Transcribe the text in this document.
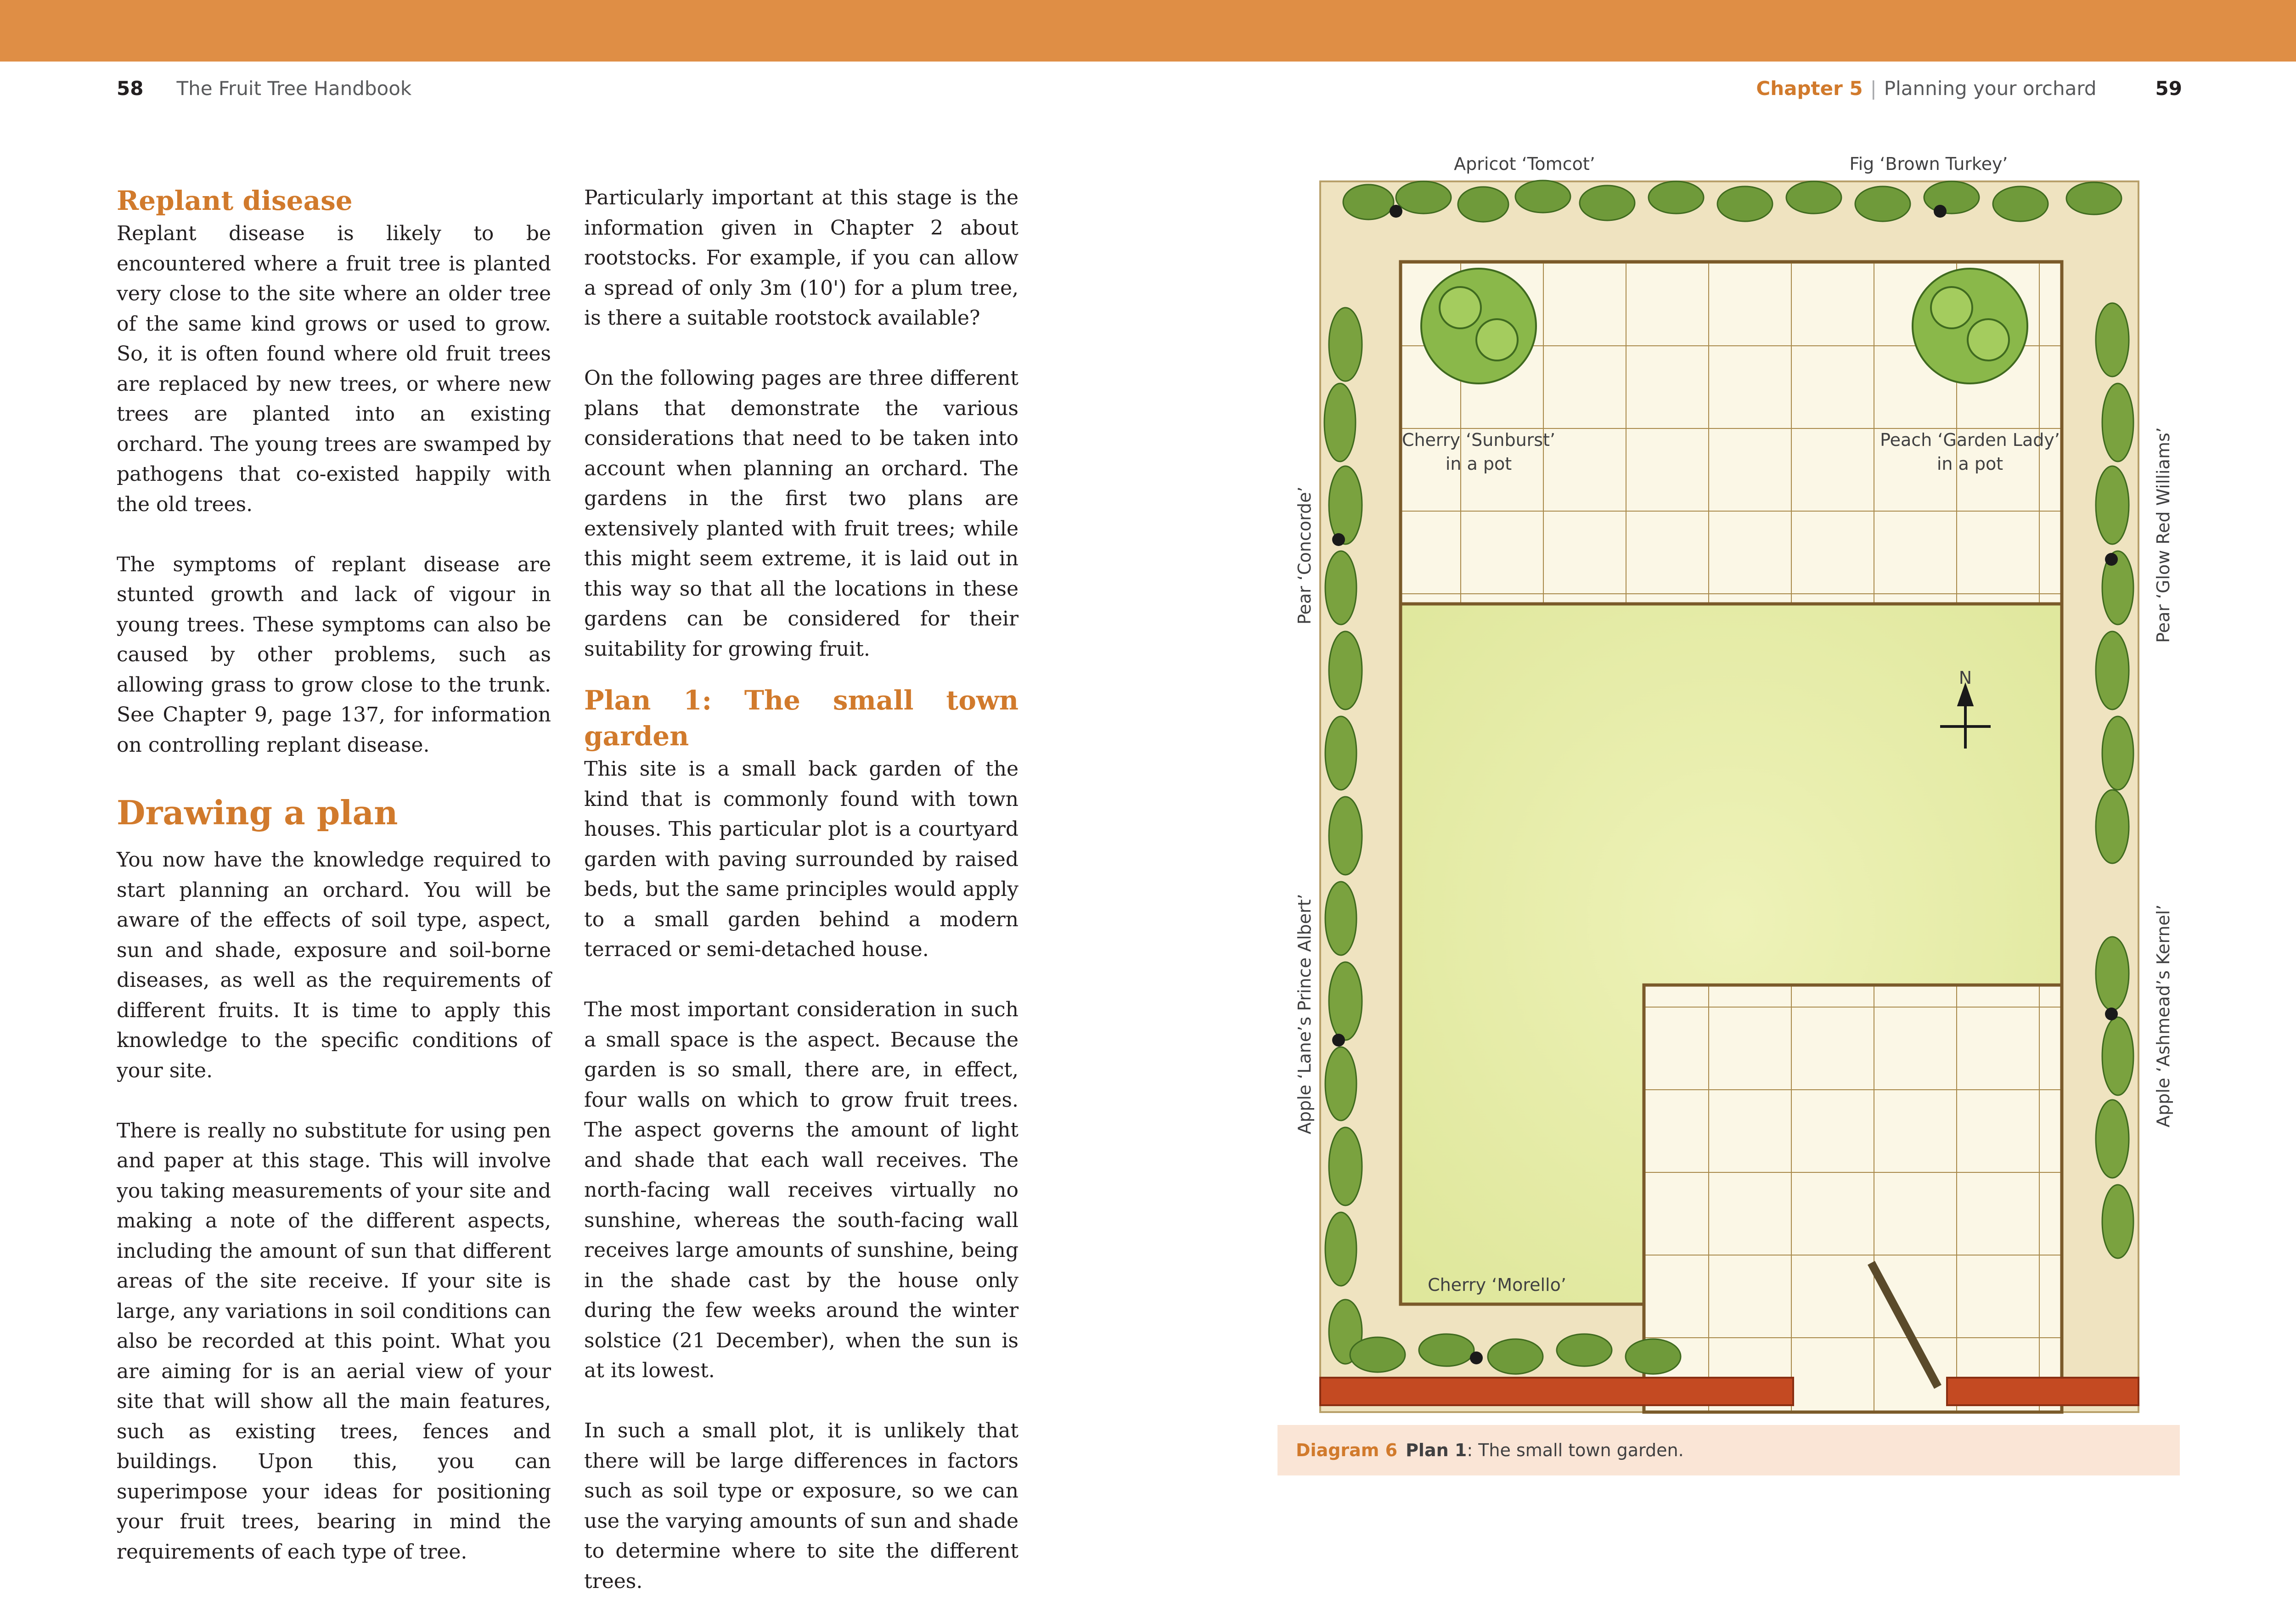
58 The Fruit Tree Handbook	Chapter 5 | Planning your orchard	59
Replant disease

Replant disease is likely to be encountered where a fruit tree is planted very close to the site where an older tree of the same kind grows or used to grow. So, it is often found where old fruit trees are replaced by new trees, or where new trees are planted into an existing orchard. The young trees are swamped by pathogens that co-existed happily with the old trees.

The symptoms of replant disease are stunted growth and lack of vigour in young trees. These symptoms can also be caused by other problems, such as allowing grass to grow close to the trunk. See Chapter 9, page 137, for information on controlling replant disease.

Drawing a plan

You now have the knowledge required to start planning an orchard. You will be aware of the effects of soil type, aspect, sun and shade, exposure and soil-borne diseases, as well as the requirements of different fruits. It is time to apply this knowledge to the specific conditions of your site.

There is really no substitute for using pen and paper at this stage. This will involve you taking measurements of your site and making a note of the different aspects, including the amount of sun that different areas of the site receive. If your site is large, any variations in soil conditions can also be recorded at this point. What you are aiming for is an aerial view of your site that will show all the main features, such as existing trees, fences and buildings. Upon this, you can superimpose your ideas for positioning your fruit trees, bearing in mind the requirements of each type of tree.

Particularly important at this stage is the information given in Chapter 2 about rootstocks. For example, if you can allow a spread of only 3m (10') for a plum tree, is there a suitable rootstock available?

On the following pages are three different plans that demonstrate the various considerations that need to be taken into account when planning an orchard. The gardens in the first two plans are extensively planted with fruit trees; while this might seem extreme, it is laid out in this way so that all the locations in these gardens can be considered for their suitability for growing fruit.

Plan 1: The small town garden

This site is a small back garden of the kind that is commonly found with town houses. This particular plot is a courtyard garden with paving surrounded by raised beds, but the same principles would apply to a small garden behind a modern terraced or semi-detached house.

The most important consideration in such a small space is the aspect. Because the garden is so small, there are, in effect, four walls on which to grow fruit trees. The aspect governs the amount of light and shade that each wall receives. The north-facing wall receives virtually no sunshine, whereas the south-facing wall receives large amounts of sunshine, being in the shade cast by the house only during the few weeks around the winter solstice (21 December), when the sun is at its lowest.

In such a small plot, it is unlikely that there will be large differences in factors such as soil type or exposure, so we can use the varying amounts of sun and shade to determine where to site the different trees.

Apricot ‘Tomcot’	Fig ‘Brown Turkey’
Cherry ‘Sunburst’
in a pot
Peach ‘Garden Lady’
in a pot
N
Cherry ‘Morello’
Pear ‘Concorde’
Apple ‘Lane’s Prince Albert’
Pear ‘Glow Red Williams’
Apple ‘Ashmead’s Kernel’
Diagram 6 Plan 1: The small town garden.
